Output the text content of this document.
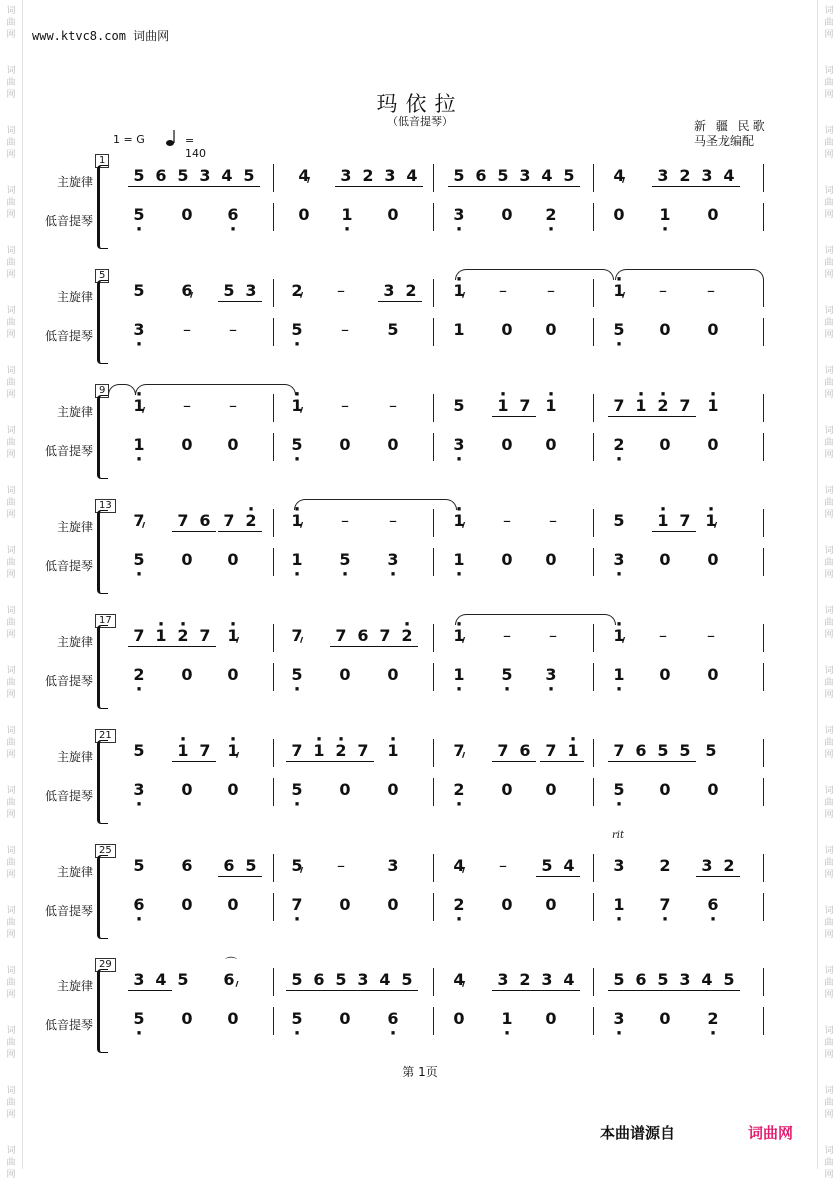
词
曲
网
词
曲
网
词
曲
网
词
曲
网
词
曲
网
词
曲
网
词
曲
网
词
曲
网
词
曲
网
词
曲
网
词
曲
网
词
曲
网
词
曲
网
词
曲
网
词
曲
网
词
曲
网
词
曲
网
词
曲
网
词
曲
网
词
曲
网
词
曲
网
词
曲
网
词
曲
网
词
曲
网
词
曲
网
词
曲
网
词
曲
网
词
曲
网
词
曲
网
词
曲
网
词
曲
网
词
曲
网
词
曲
网
词
曲
网
词
曲
网
词
曲
网
词
曲
网
词
曲
网
词
曲
网
词
曲
网
www.ktvc8.com 词曲网
玛依拉
（低音提琴）	新 疆 民歌
马圣龙编配
1 = G	= 140
1
主旋律
低音提琴
5 6 5 3 4 5	4 ///	3 2 3 4	5 6 5 3 4 5	4 ///	3 2 3 4
5 ·	0	6 ·	0	1 ·	0	3 ·	0	2 ·	0	1 ·	0
5
主旋律
低音提琴
5	6 ///	5 3	2 ///	–	3 2	· 1 ///	–	–	· 1 ///	–	–
3 ·	–	–	5 ·	–	5	1	0	0	5 ·	0	0
9
主旋律
低音提琴
· 1 ///	–	–	· 1 ///	–	–	5	· 1 7 · 1	7 · 1 · 2 7	· 1
1 ·	0	0	5 ·	0	0	3 ·	0	0	2 ·	0	0
13
主旋律
低音提琴
7 ///	7 6 7 · 2	· 1 ///	–	–	· 1 ///	–	–	5	· 1 7 · 1 ///
5 ·	0	0	1 ·	5 ·	3 ·	1 ·	0	0	3 ·	0	0
17
主旋律
低音提琴
7 · 1 · 2 7	· 1 ///	7 ///	7 6 7 · 2	· 1 ///	–	–	· 1 ///	–	–
2 ·	0	0	5 ·	0	0	1 ·	5 ·	3 ·	1 ·	0	0
21
主旋律
低音提琴
5	· 1 7	· 1 ///	7 · 1 · 2 7	· 1	7 ///	7 6 7 · 1	7 6 5 5 5
3 ·	0	0	5 ·	0	0	2 ·	0	0	5 ·	0	0
25
主旋律
低音提琴
5	6	6 5	5 ///	–	3	4 ///	–	5 4	3	2	3 2
rit
6 ·	0	0	7 ·	0	0	2 ·	0	0	1 ·	7 ·	6 ·
29
主旋律
低音提琴
3 4 5	6 ///	5 6 5 3 4 5	4 ///	3 2 3 4	5 6 5 3 4 5
⌒
5 ·	0	0	5 ·	0	6 ·	0	1 ·	0	3 ·	0	2 ·
第 1页
本曲谱源自	词曲网
